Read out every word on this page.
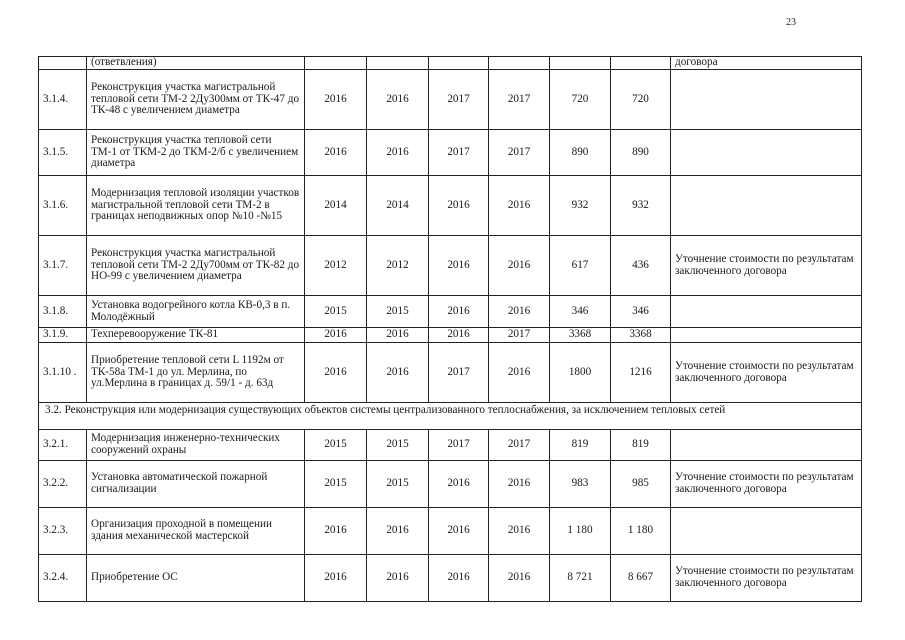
23
	(ответвления)							договора
3.1.4.	Реконструкция участка магистральной тепловой сети ТМ-2 2Ду300мм от ТК-47 до ТК-48 с увеличением диаметра	2016	2016	2017	2017	720	720	
3.1.5.	Реконструкция участка тепловой сети ТМ-1 от ТКМ-2 до ТКМ-2/б с увеличением диаметра	2016	2016	2017	2017	890	890	
3.1.6.	Модернизация тепловой изоляции участков магистральной тепловой сети ТМ-2 в границах неподвижных опор №10 -№15	2014	2014	2016	2016	932	932	
3.1.7.	Реконструкция участка магистральной тепловой сети ТМ-2 2Ду700мм от ТК-82 до НО-99 с увеличением диаметра	2012	2012	2016	2016	617	436	Уточнение стоимости по результатам заключенного договора
3.1.8.	Установка водогрейного котла КВ-0,3 в п. Молодёжный	2015	2015	2016	2016	346	346	
3.1.9.	Техперевооружение ТК-81	2016	2016	2016	2017	3368	3368	
3.1.10 .	Приобретение тепловой сети L 1192м от ТК-58а ТМ-1 до ул. Мерлина, по ул.Мерлина в границах д. 59/1 - д. 63д	2016	2016	2017	2016	1800	1216	Уточнение стоимости по результатам заключенного договора
3.2. Реконструкция или модернизация существующих объектов системы централизованного теплоснабжения, за исключением тепловых сетей								
3.2.1.	Модернизация инженерно-технических сооружений охраны	2015	2015	2017	2017	819	819	
3.2.2.	Установка автоматической пожарной сигнализации	2015	2015	2016	2016	983	985	Уточнение стоимости по результатам заключенного договора
3.2.3.	Организация проходной в помещении здания механической мастерской	2016	2016	2016	2016	1 180	1 180	
3.2.4.	Приобретение ОС	2016	2016	2016	2016	8 721	8 667	Уточнение стоимости по результатам заключенного договора
